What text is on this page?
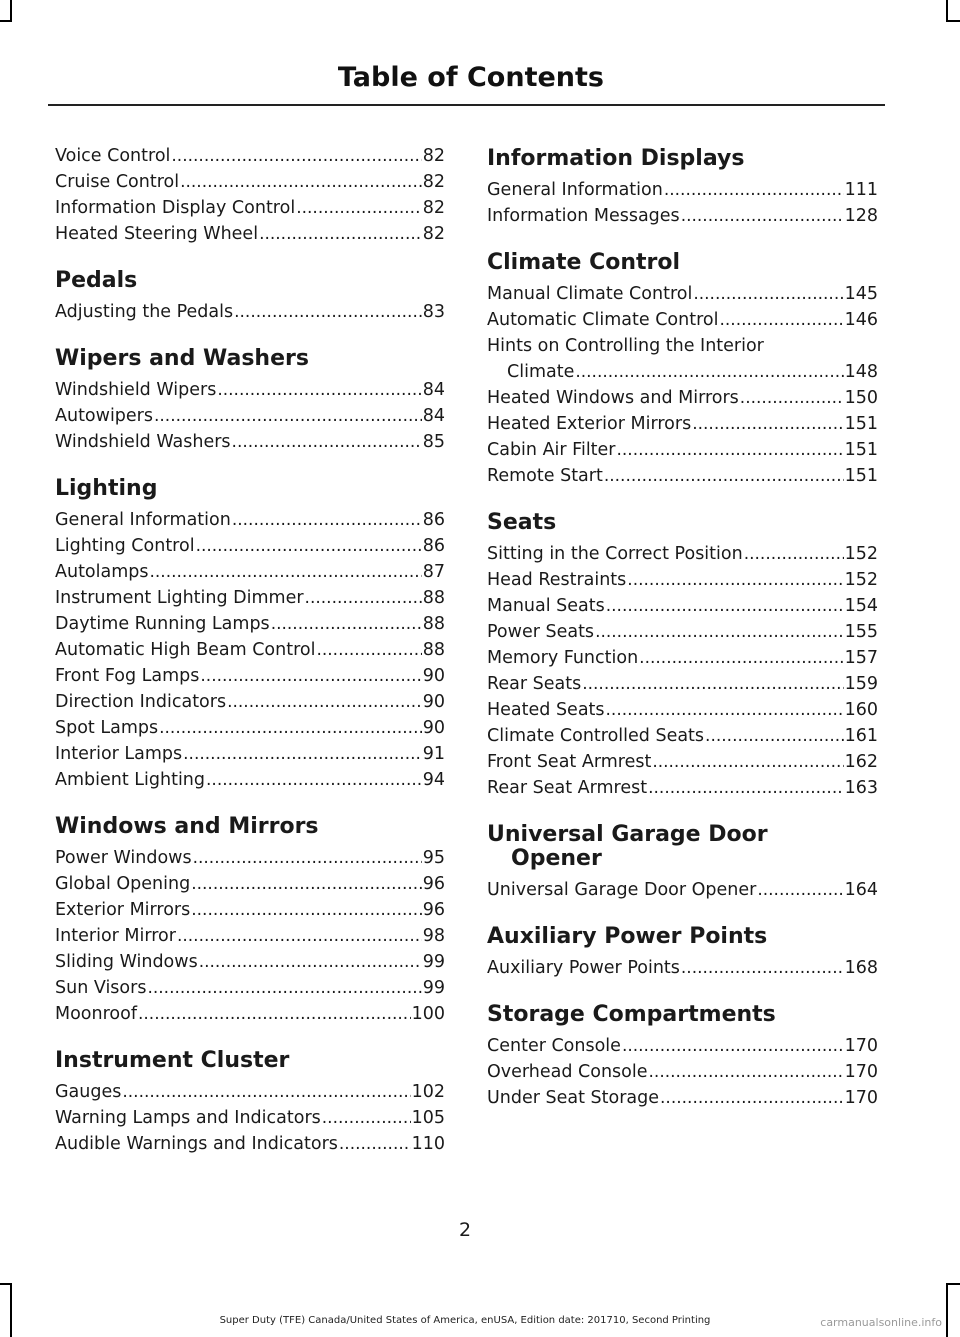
Table of Contents
Voice Control .....	82
Cruise Control .....	82
Information Display Control .....	82
Heated Steering Wheel .....	82
Pedals
Adjusting the Pedals .....	83
Wipers and Washers
Windshield Wipers .....	84
Autowipers .....	84
Windshield Washers .....	85
Lighting
General Information .....	86
Lighting Control .....	86
Autolamps .....	87
Instrument Lighting Dimmer .....	88
Daytime Running Lamps .....	88
Automatic High Beam Control .....	88
Front Fog Lamps .....	90
Direction Indicators .....	90
Spot Lamps .....	90
Interior Lamps .....	91
Ambient Lighting .....	94
Windows and Mirrors
Power Windows .....	95
Global Opening .....	96
Exterior Mirrors .....	96
Interior Mirror .....	98
Sliding Windows .....	99
Sun Visors .....	99
Moonroof .....	100
Instrument Cluster
Gauges .....	102
Warning Lamps and Indicators .....	105
Audible Warnings and Indicators .....	110
Information Displays
General Information .....	111
Information Messages .....	128
Climate Control
Manual Climate Control .....	145
Automatic Climate Control .....	146
Hints on Controlling the Interior
Climate .....	148
Heated Windows and Mirrors .....	150
Heated Exterior Mirrors .....	151
Cabin Air Filter .....	151
Remote Start .....	151
Seats
Sitting in the Correct Position .....	152
Head Restraints .....	152
Manual Seats .....	154
Power Seats .....	155
Memory Function .....	157
Rear Seats .....	159
Heated Seats .....	160
Climate Controlled Seats .....	161
Front Seat Armrest .....	162
Rear Seat Armrest .....	163
Universal Garage Door
Opener
Universal Garage Door Opener .....	164
Auxiliary Power Points
Auxiliary Power Points .....	168
Storage Compartments
Center Console .....	170
Overhead Console .....	170
Under Seat Storage .....	170
2
Super Duty (TFE) Canada/United States of America, enUSA, Edition date: 201710, Second Printing	carmanualsonline.info
